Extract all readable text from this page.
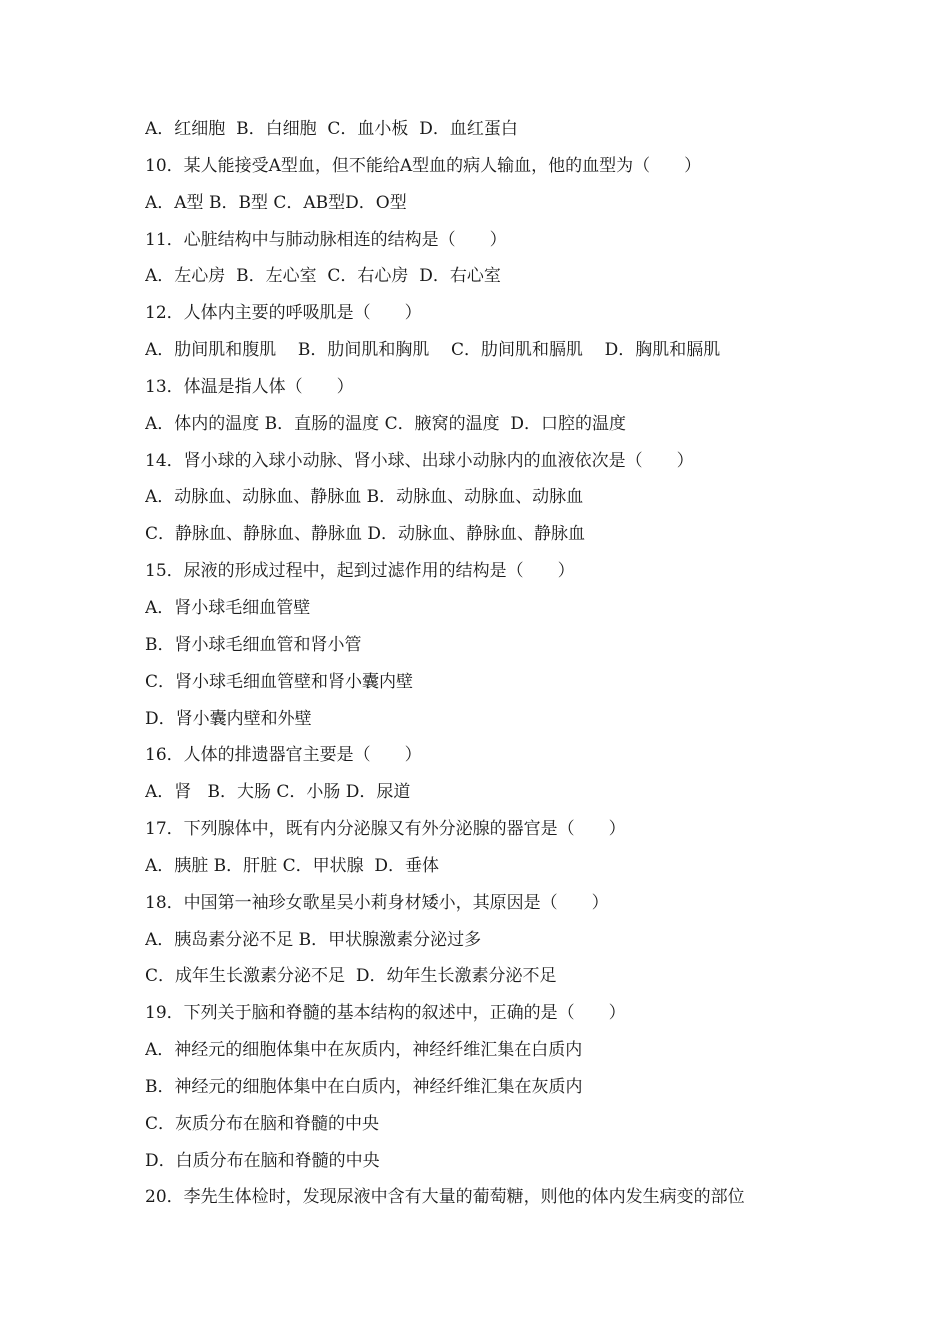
A．红细胞  B．白细胞  C．血小板  D．血红蛋白
10．某人能接受A型血，但不能给A型血的病人输血，他的血型为（　　）
A．A型 B．B型 C．AB型D．O型
11．心脏结构中与肺动脉相连的结构是（　　）
A．左心房  B．左心室  C．右心房  D．右心室
12．人体内主要的呼吸肌是（　　）
A．肋间肌和腹肌    B．肋间肌和胸肌    C．肋间肌和膈肌    D．胸肌和膈肌
13．体温是指人体（　　）
A．体内的温度 B．直肠的温度 C．腋窝的温度  D．口腔的温度
14．肾小球的入球小动脉、肾小球、出球小动脉内的血液依次是（　　）
A．动脉血、动脉血、静脉血 B．动脉血、动脉血、动脉血
C．静脉血、静脉血、静脉血 D．动脉血、静脉血、静脉血
15．尿液的形成过程中，起到过滤作用的结构是（　　）
A．肾小球毛细血管壁
B．肾小球毛细血管和肾小管
C．肾小球毛细血管壁和肾小囊内壁
D．肾小囊内壁和外壁
16．人体的排遗器官主要是（　　）
A．肾   B．大肠 C．小肠 D．尿道
17．下列腺体中，既有内分泌腺又有外分泌腺的器官是（　　）
A．胰脏 B．肝脏 C．甲状腺  D．垂体
18．中国第一袖珍女歌星吴小莉身材矮小，其原因是（　　）
A．胰岛素分泌不足 B．甲状腺激素分泌过多
C．成年生长激素分泌不足  D．幼年生长激素分泌不足
19．下列关于脑和脊髓的基本结构的叙述中，正确的是（　　）
A．神经元的细胞体集中在灰质内，神经纤维汇集在白质内
B．神经元的细胞体集中在白质内，神经纤维汇集在灰质内
C．灰质分布在脑和脊髓的中央
D．白质分布在脑和脊髓的中央
20．李先生体检时，发现尿液中含有大量的葡萄糖，则他的体内发生病变的部位
